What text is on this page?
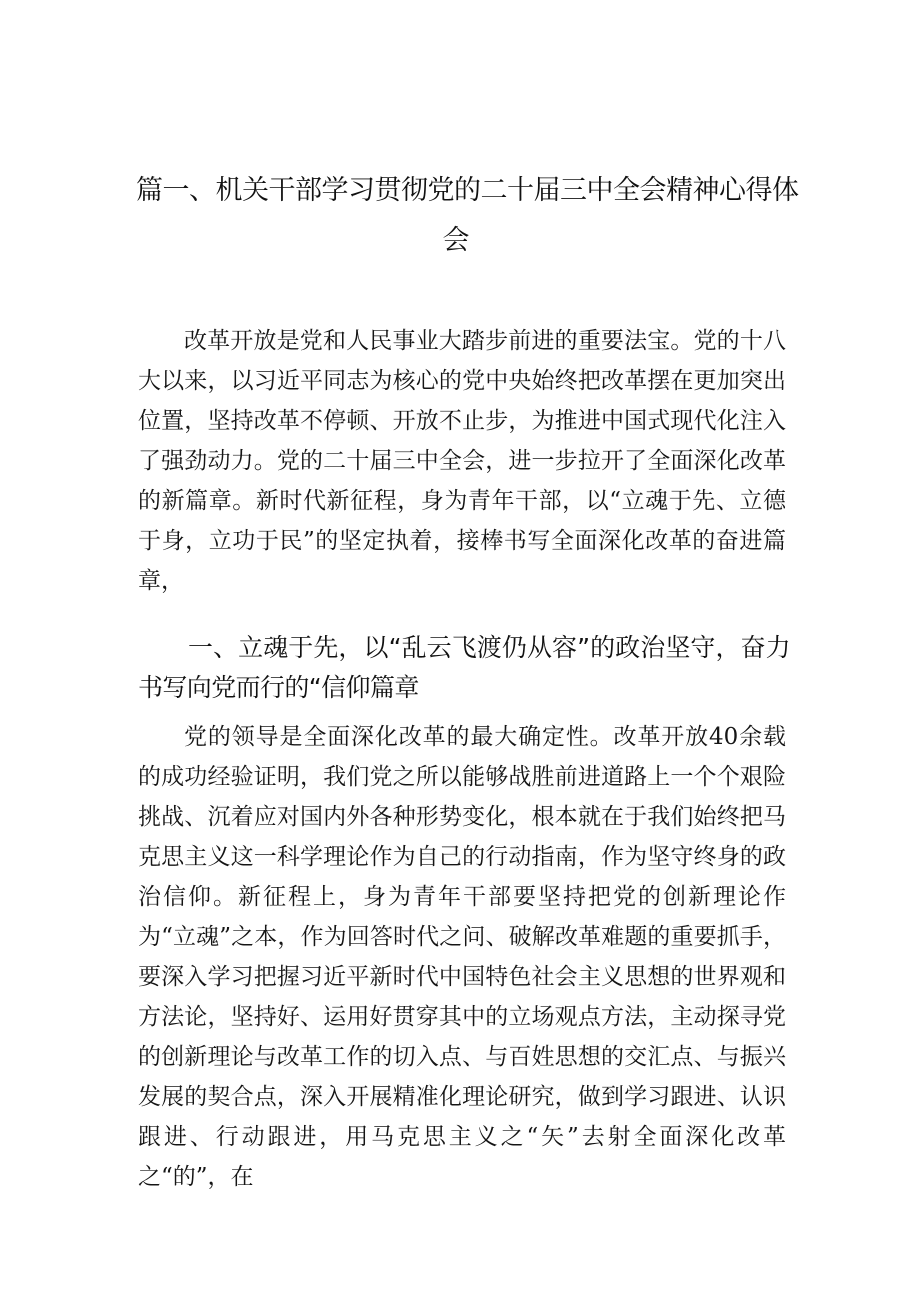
篇一、机关干部学习贯彻党的二十届三中全会精神心得体
会

改革开放是党和人民事业大踏步前进的重要法宝。党的十八大以来，以习近平同志为核心的党中央始终把改革摆在更加突出位置，坚持改革不停顿、开放不止步，为推进中国式现代化注入了强劲动力。党的二十届三中全会，进一步拉开了全面深化改革的新篇章。新时代新征程，身为青年干部，以“立魂于先、立德于身，立功于民”的坚定执着，接棒书写全面深化改革的奋进篇章，

一、立魂于先，以“乱云飞渡仍从容”的政治坚守，奋力书写向党而行的“信仰篇章

党的领导是全面深化改革的最大确定性。改革开放40余载的成功经验证明，我们党之所以能够战胜前进道路上一个个艰险挑战、沉着应对国内外各种形势变化，根本就在于我们始终把马克思主义这一科学理论作为自己的行动指南，作为坚守终身的政治信仰。新征程上，身为青年干部要坚持把党的创新理论作为“立魂”之本，作为回答时代之问、破解改革难题的重要抓手，要深入学习把握习近平新时代中国特色社会主义思想的世界观和方法论，坚持好、运用好贯穿其中的立场观点方法，主动探寻党的创新理论与改革工作的切入点、与百姓思想的交汇点、与振兴发展的契合点，深入开展精准化理论研究，做到学习跟进、认识跟进、行动跟进，用马克思主义之“矢”去射全面深化改革之“的”，在
